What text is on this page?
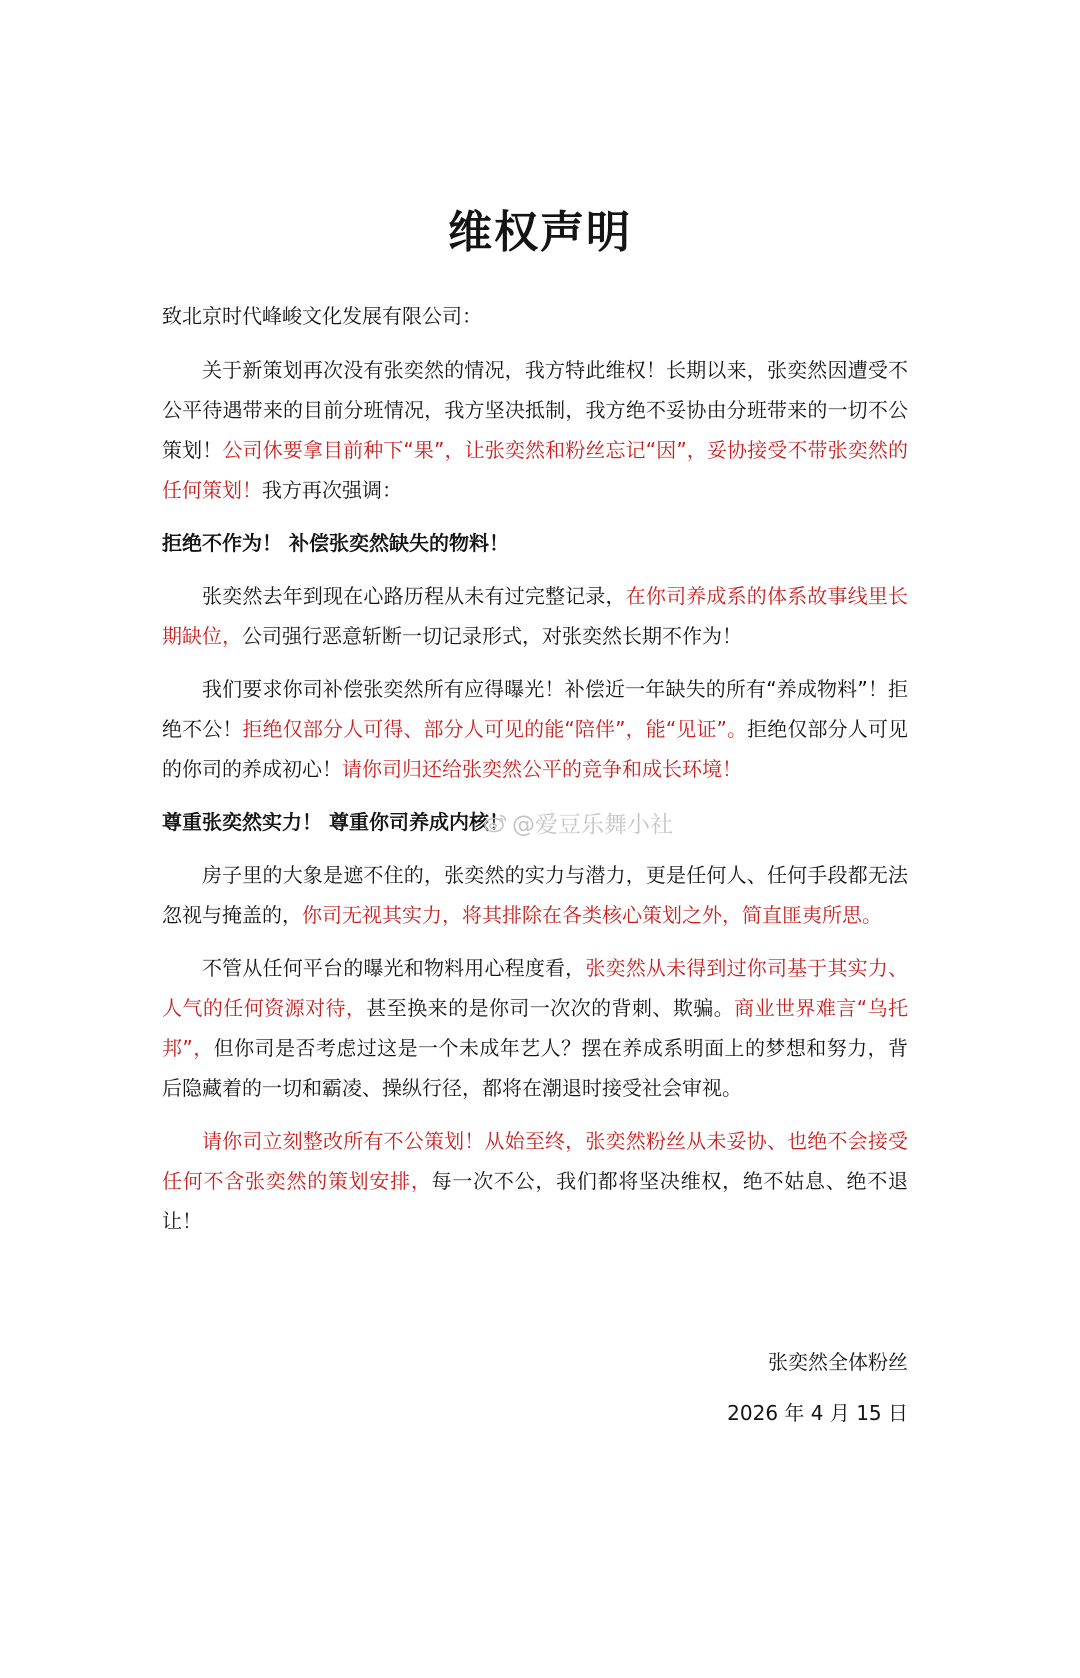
维权声明

致北京时代峰峻文化发展有限公司：

关于新策划再次没有张奕然的情况，我方特此维权！长期以来，张奕然因遭受不公平待遇带来的目前分班情况，我方坚决抵制，我方绝不妥协由分班带来的一切不公策划！公司休要拿目前种下“果”，让张奕然和粉丝忘记“因”，妥协接受不带张奕然的任何策划！我方再次强调：

拒绝不作为！ 补偿张奕然缺失的物料！

张奕然去年到现在心路历程从未有过完整记录，在你司养成系的体系故事线里长期缺位，公司强行恶意斩断一切记录形式，对张奕然长期不作为！

我们要求你司补偿张奕然所有应得曝光！补偿近一年缺失的所有“养成物料”！拒绝不公！拒绝仅部分人可得、部分人可见的能“陪伴”，能“见证”。拒绝仅部分人可见的你司的养成初心！请你司归还给张奕然公平的竞争和成长环境！

尊重张奕然实力！ 尊重你司养成内核！

房子里的大象是遮不住的，张奕然的实力与潜力，更是任何人、任何手段都无法忽视与掩盖的，你司无视其实力，将其排除在各类核心策划之外，简直匪夷所思。

不管从任何平台的曝光和物料用心程度看，张奕然从未得到过你司基于其实力、人气的任何资源对待，甚至换来的是你司一次次的背刺、欺骗。商业世界难言“乌托邦”，但你司是否考虑过这是一个未成年艺人？摆在养成系明面上的梦想和努力，背后隐藏着的一切和霸凌、操纵行径，都将在潮退时接受社会审视。

请你司立刻整改所有不公策划！从始至终，张奕然粉丝从未妥协、也绝不会接受任何不含张奕然的策划安排，每一次不公，我们都将坚决维权，绝不姑息、绝不退让！

张奕然全体粉丝
2026 年 4 月 15 日
@爱豆乐舞小社
